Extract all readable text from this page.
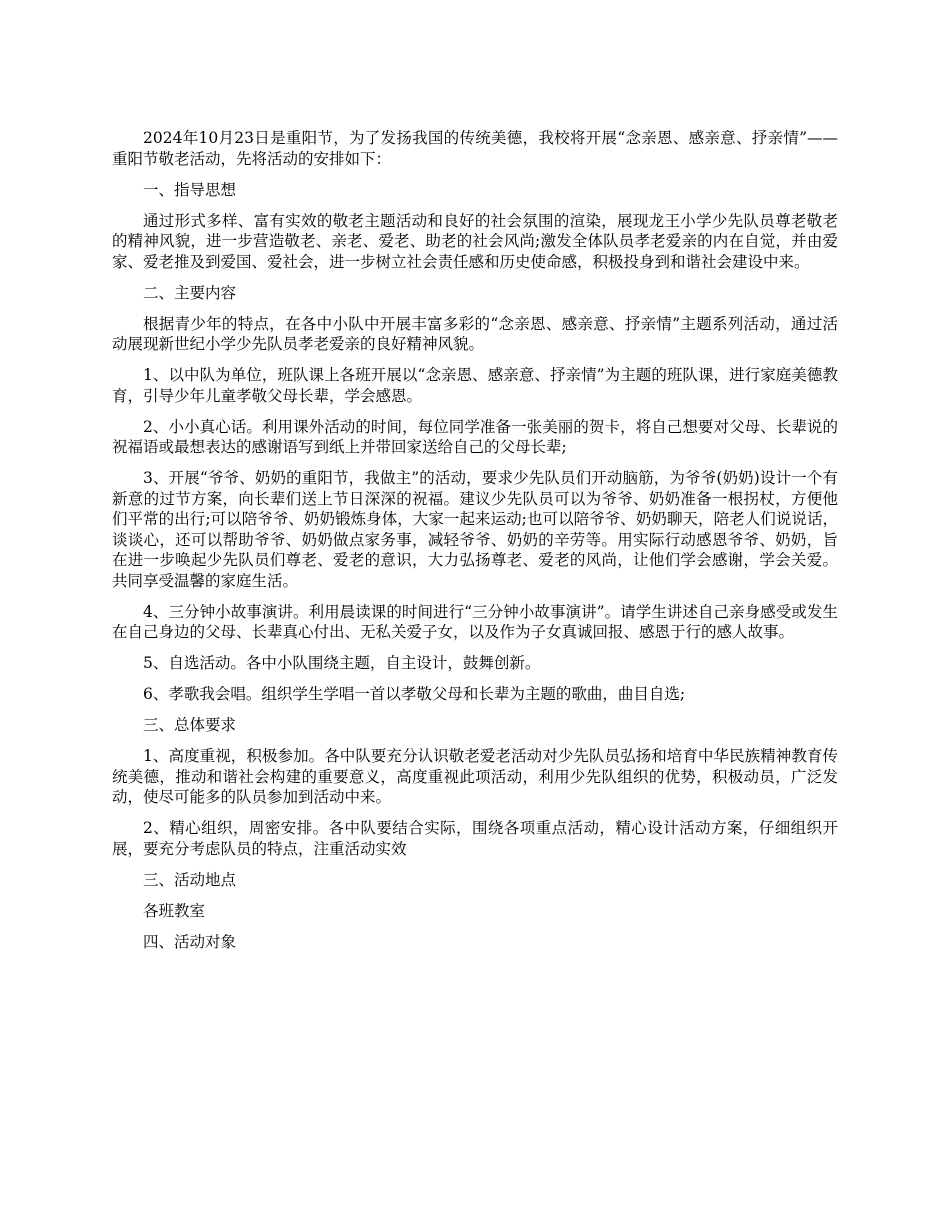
2024年10月23日是重阳节，为了发扬我国的传统美德，我校将开展“念亲恩、感亲意、抒亲情”——重阳节敬老活动，先将活动的安排如下：

一、指导思想

通过形式多样、富有实效的敬老主题活动和良好的社会氛围的渲染，展现龙王小学少先队员尊老敬老的精神风貌，进一步营造敬老、亲老、爱老、助老的社会风尚;激发全体队员孝老爱亲的内在自觉，并由爱家、爱老推及到爱国、爱社会，进一步树立社会责任感和历史使命感，积极投身到和谐社会建设中来。

二、主要内容

根据青少年的特点，在各中小队中开展丰富多彩的“念亲恩、感亲意、抒亲情”主题系列活动，通过活动展现新世纪小学少先队员孝老爱亲的良好精神风貌。

1、以中队为单位，班队课上各班开展以“念亲恩、感亲意、抒亲情”为主题的班队课，进行家庭美德教育，引导少年儿童孝敬父母长辈，学会感恩。

2、小小真心话。利用课外活动的时间，每位同学准备一张美丽的贺卡，将自己想要对父母、长辈说的祝福语或最想表达的感谢语写到纸上并带回家送给自己的父母长辈;

3、开展“爷爷、奶奶的重阳节，我做主”的活动，要求少先队员们开动脑筋，为爷爷(奶奶)设计一个有新意的过节方案，向长辈们送上节日深深的祝福。建议少先队员可以为爷爷、奶奶准备一根拐杖，方便他们平常的出行;可以陪爷爷、奶奶锻炼身体，大家一起来运动;也可以陪爷爷、奶奶聊天，陪老人们说说话，谈谈心，还可以帮助爷爷、奶奶做点家务事，减轻爷爷、奶奶的辛劳等。用实际行动感恩爷爷、奶奶，旨在进一步唤起少先队员们尊老、爱老的意识，大力弘扬尊老、爱老的风尚，让他们学会感谢，学会关爱。共同享受温馨的家庭生活。

4、三分钟小故事演讲。利用晨读课的时间进行“三分钟小故事演讲”。请学生讲述自己亲身感受或发生在自己身边的父母、长辈真心付出、无私关爱子女，以及作为子女真诚回报、感恩于行的感人故事。

5、自选活动。各中小队围绕主题，自主设计，鼓舞创新。

6、孝歌我会唱。组织学生学唱一首以孝敬父母和长辈为主题的歌曲，曲目自选;

三、总体要求

1、高度重视，积极参加。各中队要充分认识敬老爱老活动对少先队员弘扬和培育中华民族精神教育传统美德，推动和谐社会构建的重要意义，高度重视此项活动，利用少先队组织的优势，积极动员，广泛发动，使尽可能多的队员参加到活动中来。

2、精心组织，周密安排。各中队要结合实际，围绕各项重点活动，精心设计活动方案，仔细组织开展，要充分考虑队员的特点，注重活动实效

三、活动地点

各班教室

四、活动对象
